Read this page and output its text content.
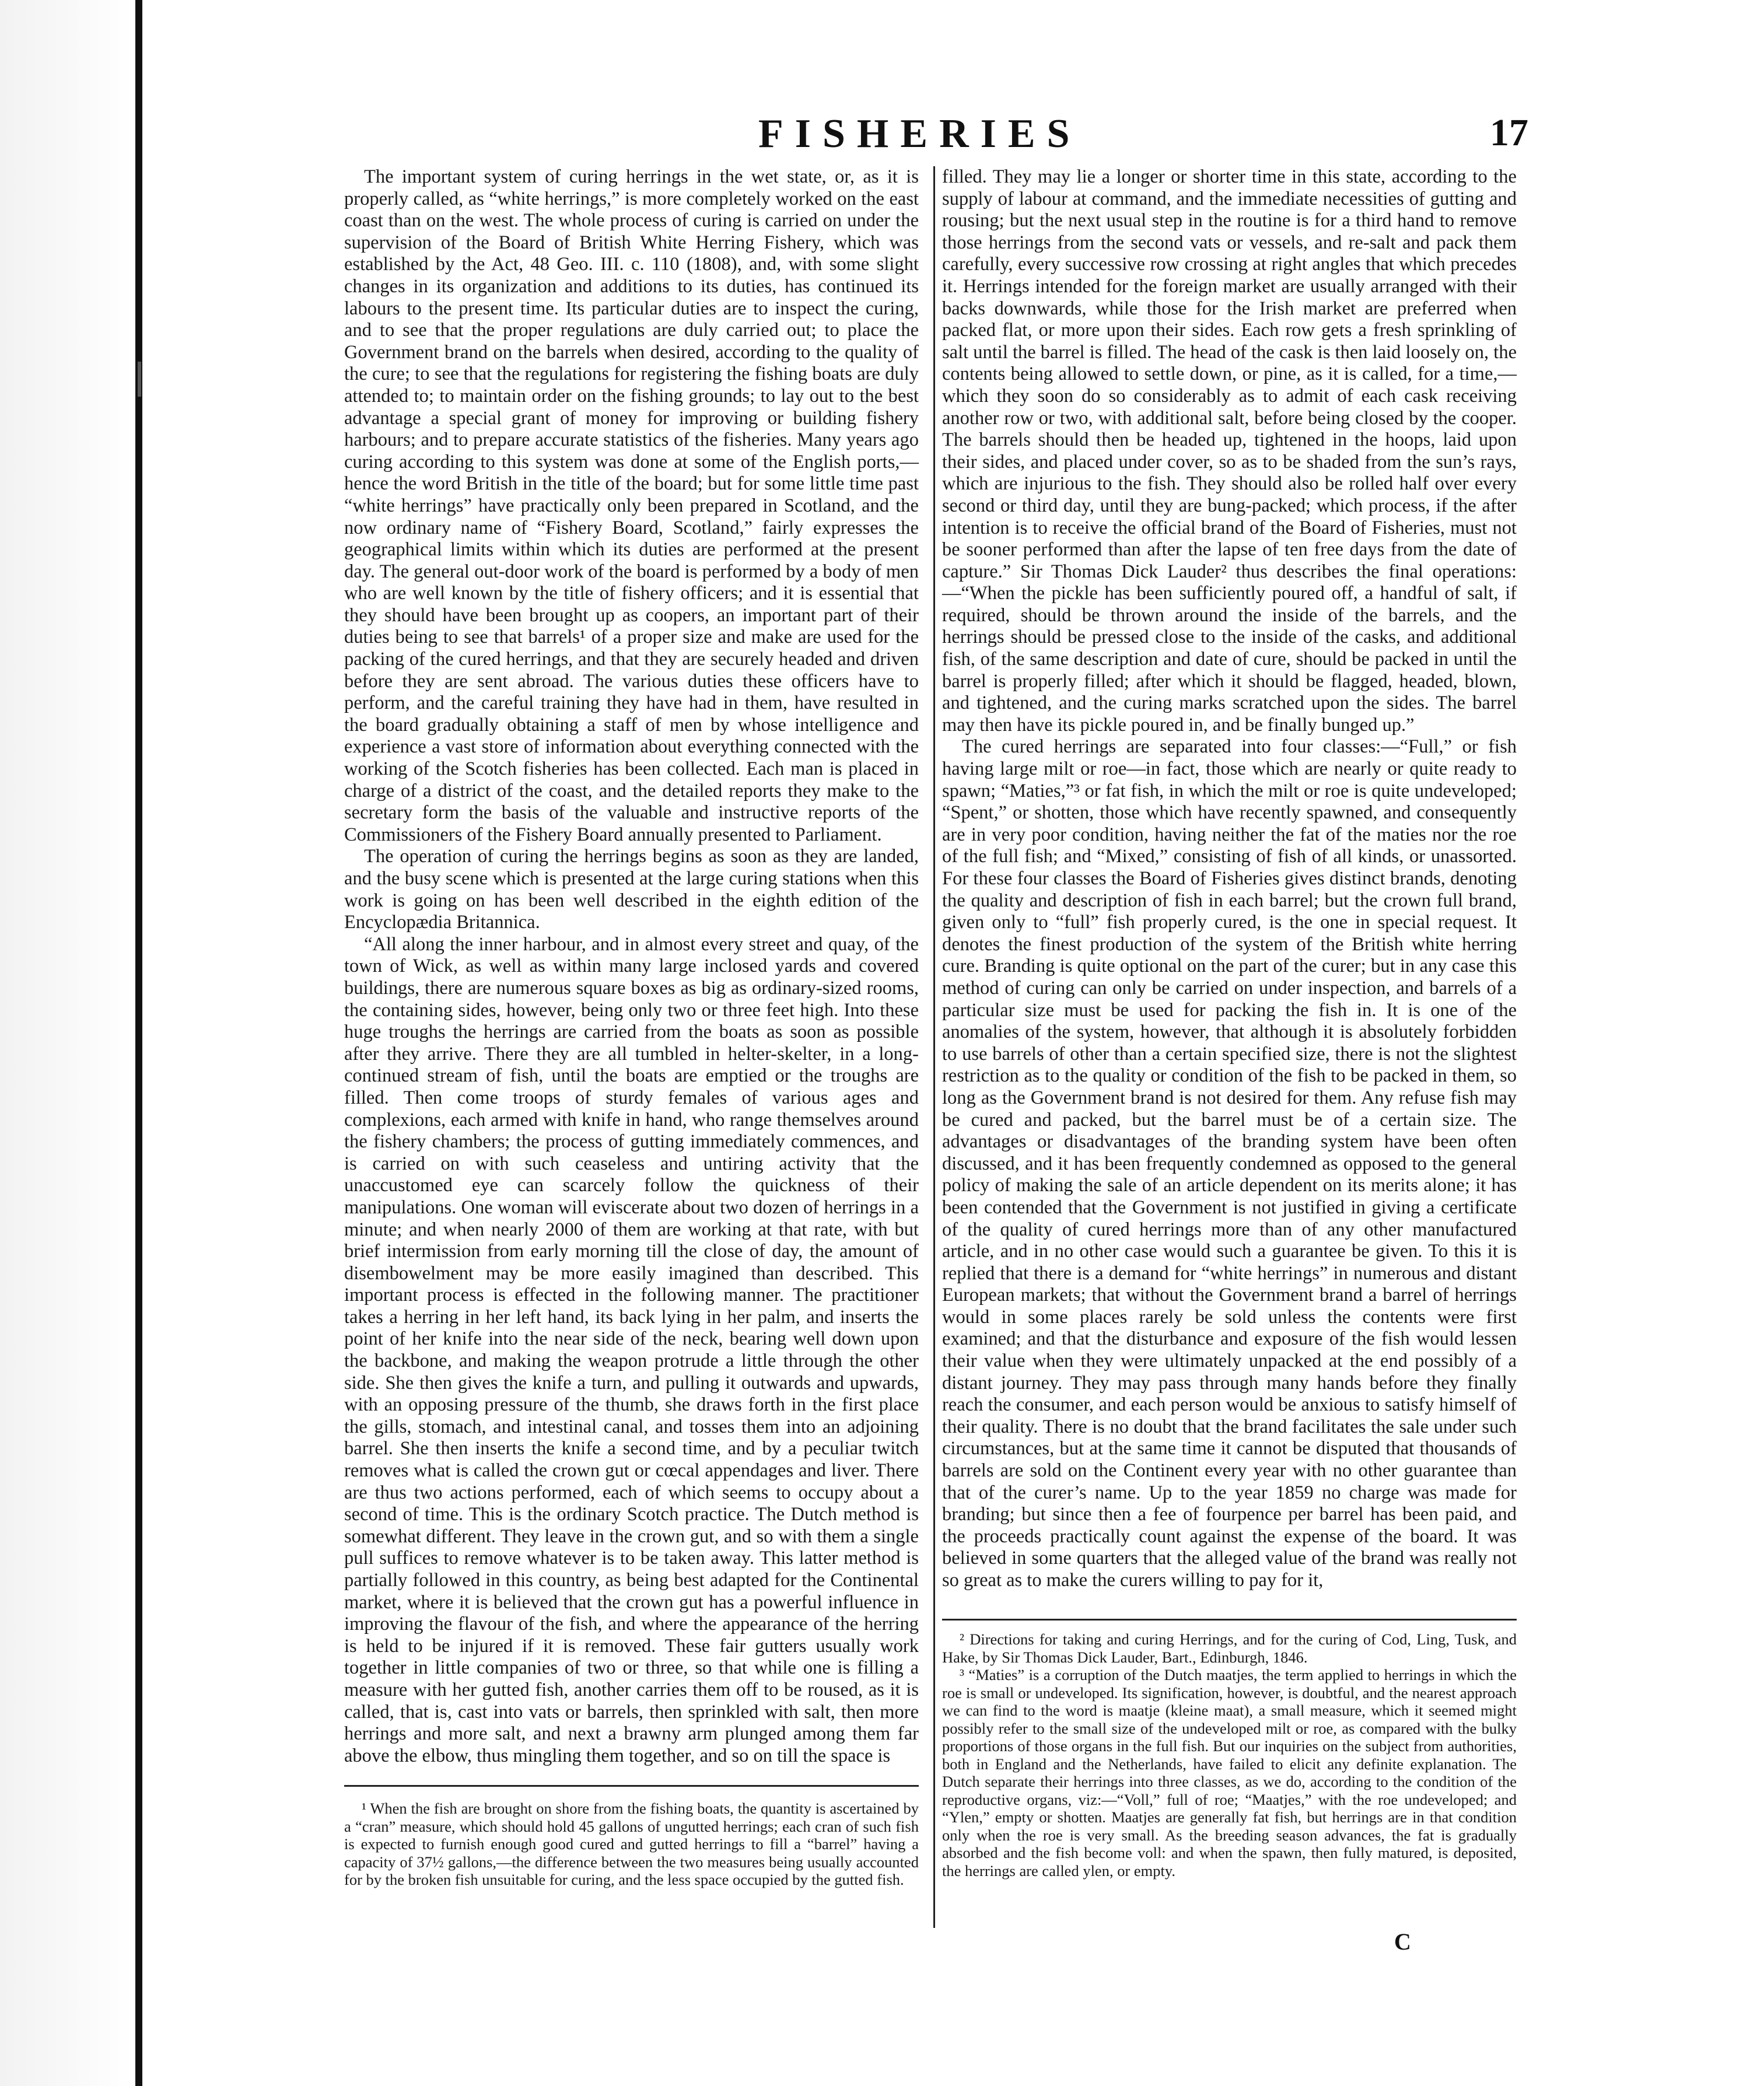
FISHERIES	17

The important system of curing herrings in the wet state, or, as it is properly called, as “white herrings,” is more completely worked on the east coast than on the west. The whole process of curing is carried on under the supervision of the Board of British White Herring Fishery, which was established by the Act, 48 Geo. III. c. 110 (1808), and, with some slight changes in its organization and additions to its duties, has continued its labours to the present time. Its particular duties are to inspect the curing, and to see that the proper regulations are duly carried out; to place the Government brand on the barrels when desired, according to the quality of the cure; to see that the regulations for registering the fishing boats are duly attended to; to maintain order on the fishing grounds; to lay out to the best advantage a special grant of money for improving or building fishery harbours; and to prepare accurate statistics of the fisheries. Many years ago curing according to this system was done at some of the English ports,—hence the word British in the title of the board; but for some little time past “white herrings” have practically only been prepared in Scotland, and the now ordinary name of “Fishery Board, Scotland,” fairly expresses the geographical limits within which its duties are performed at the present day. The general out-door work of the board is performed by a body of men who are well known by the title of fishery officers; and it is essential that they should have been brought up as coopers, an important part of their duties being to see that barrels¹ of a proper size and make are used for the packing of the cured herrings, and that they are securely headed and driven before they are sent abroad. The various duties these officers have to perform, and the careful training they have had in them, have resulted in the board gradually obtaining a staff of men by whose intelligence and experience a vast store of information about everything connected with the working of the Scotch fisheries has been collected. Each man is placed in charge of a district of the coast, and the detailed reports they make to the secretary form the basis of the valuable and instructive reports of the Commissioners of the Fishery Board annually presented to Parliament.

The operation of curing the herrings begins as soon as they are landed, and the busy scene which is presented at the large curing stations when this work is going on has been well described in the eighth edition of the Encyclopædia Britannica.

“All along the inner harbour, and in almost every street and quay, of the town of Wick, as well as within many large inclosed yards and covered buildings, there are numerous square boxes as big as ordinary-sized rooms, the containing sides, however, being only two or three feet high. Into these huge troughs the herrings are carried from the boats as soon as possible after they arrive. There they are all tumbled in helter-skelter, in a long-continued stream of fish, until the boats are emptied or the troughs are filled. Then come troops of sturdy females of various ages and complexions, each armed with knife in hand, who range themselves around the fishery chambers; the process of gutting immediately commences, and is carried on with such ceaseless and untiring activity that the unaccustomed eye can scarcely follow the quickness of their manipulations. One woman will eviscerate about two dozen of herrings in a minute; and when nearly 2000 of them are working at that rate, with but brief intermission from early morning till the close of day, the amount of disembowelment may be more easily imagined than described. This important process is effected in the following manner. The practitioner takes a herring in her left hand, its back lying in her palm, and inserts the point of her knife into the near side of the neck, bearing well down upon the backbone, and making the weapon protrude a little through the other side. She then gives the knife a turn, and pulling it outwards and upwards, with an opposing pressure of the thumb, she draws forth in the first place the gills, stomach, and intestinal canal, and tosses them into an adjoining barrel. She then inserts the knife a second time, and by a peculiar twitch removes what is called the crown gut or cœcal appendages and liver. There are thus two actions performed, each of which seems to occupy about a second of time. This is the ordinary Scotch practice. The Dutch method is somewhat different. They leave in the crown gut, and so with them a single pull suffices to remove whatever is to be taken away. This latter method is partially followed in this country, as being best adapted for the Continental market, where it is believed that the crown gut has a powerful influence in improving the flavour of the fish, and where the appearance of the herring is held to be injured if it is removed. These fair gutters usually work together in little companies of two or three, so that while one is filling a measure with her gutted fish, another carries them off to be roused, as it is called, that is, cast into vats or barrels, then sprinkled with salt, then more herrings and more salt, and next a brawny arm plunged among them far above the elbow, thus mingling them together, and so on till the space is

filled. They may lie a longer or shorter time in this state, according to the supply of labour at command, and the immediate necessities of gutting and rousing; but the next usual step in the routine is for a third hand to remove those herrings from the second vats or vessels, and re-salt and pack them carefully, every successive row crossing at right angles that which precedes it. Herrings intended for the foreign market are usually arranged with their backs downwards, while those for the Irish market are preferred when packed flat, or more upon their sides. Each row gets a fresh sprinkling of salt until the barrel is filled. The head of the cask is then laid loosely on, the contents being allowed to settle down, or pine, as it is called, for a time,—which they soon do so considerably as to admit of each cask receiving another row or two, with additional salt, before being closed by the cooper. The barrels should then be headed up, tightened in the hoops, laid upon their sides, and placed under cover, so as to be shaded from the sun’s rays, which are injurious to the fish. They should also be rolled half over every second or third day, until they are bung-packed; which process, if the after intention is to receive the official brand of the Board of Fisheries, must not be sooner performed than after the lapse of ten free days from the date of capture.” Sir Thomas Dick Lauder² thus describes the final operations:—“When the pickle has been sufficiently poured off, a handful of salt, if required, should be thrown around the inside of the barrels, and the herrings should be pressed close to the inside of the casks, and additional fish, of the same description and date of cure, should be packed in until the barrel is properly filled; after which it should be flagged, headed, blown, and tightened, and the curing marks scratched upon the sides. The barrel may then have its pickle poured in, and be finally bunged up.”

The cured herrings are separated into four classes:—“Full,” or fish having large milt or roe—in fact, those which are nearly or quite ready to spawn; “Maties,”³ or fat fish, in which the milt or roe is quite undeveloped; “Spent,” or shotten, those which have recently spawned, and consequently are in very poor condition, having neither the fat of the maties nor the roe of the full fish; and “Mixed,” consisting of fish of all kinds, or unassorted. For these four classes the Board of Fisheries gives distinct brands, denoting the quality and description of fish in each barrel; but the crown full brand, given only to “full” fish properly cured, is the one in special request. It denotes the finest production of the system of the British white herring cure. Branding is quite optional on the part of the curer; but in any case this method of curing can only be carried on under inspection, and barrels of a particular size must be used for packing the fish in. It is one of the anomalies of the system, however, that although it is absolutely forbidden to use barrels of other than a certain specified size, there is not the slightest restriction as to the quality or condition of the fish to be packed in them, so long as the Government brand is not desired for them. Any refuse fish may be cured and packed, but the barrel must be of a certain size. The advantages or disadvantages of the branding system have been often discussed, and it has been frequently condemned as opposed to the general policy of making the sale of an article dependent on its merits alone; it has been contended that the Government is not justified in giving a certificate of the quality of cured herrings more than of any other manufactured article, and in no other case would such a guarantee be given. To this it is replied that there is a demand for “white herrings” in numerous and distant European markets; that without the Government brand a barrel of herrings would in some places rarely be sold unless the contents were first examined; and that the disturbance and exposure of the fish would lessen their value when they were ultimately unpacked at the end possibly of a distant journey. They may pass through many hands before they finally reach the consumer, and each person would be anxious to satisfy himself of their quality. There is no doubt that the brand facilitates the sale under such circumstances, but at the same time it cannot be disputed that thousands of barrels are sold on the Continent every year with no other guarantee than that of the curer’s name. Up to the year 1859 no charge was made for branding; but since then a fee of fourpence per barrel has been paid, and the proceeds practically count against the expense of the board. It was believed in some quarters that the alleged value of the brand was really not so great as to make the curers willing to pay for it,

¹ When the fish are brought on shore from the fishing boats, the quantity is ascertained by a “cran” measure, which should hold 45 gallons of ungutted herrings; each cran of such fish is expected to furnish enough good cured and gutted herrings to fill a “barrel” having a capacity of 37½ gallons,—the difference between the two measures being usually accounted for by the broken fish unsuitable for curing, and the less space occupied by the gutted fish.

² Directions for taking and curing Herrings, and for the curing of Cod, Ling, Tusk, and Hake, by Sir Thomas Dick Lauder, Bart., Edinburgh, 1846.

³ “Maties” is a corruption of the Dutch maatjes, the term applied to herrings in which the roe is small or undeveloped. Its signification, however, is doubtful, and the nearest approach we can find to the word is maatje (kleine maat), a small measure, which it seemed might possibly refer to the small size of the undeveloped milt or roe, as compared with the bulky proportions of those organs in the full fish. But our inquiries on the subject from authorities, both in England and the Netherlands, have failed to elicit any definite explanation. The Dutch separate their herrings into three classes, as we do, according to the condition of the reproductive organs, viz:—“Voll,” full of roe; “Maatjes,” with the roe undeveloped; and “Ylen,” empty or shotten. Maatjes are generally fat fish, but herrings are in that condition only when the roe is very small. As the breeding season advances, the fat is gradually absorbed and the fish become voll: and when the spawn, then fully matured, is deposited, the herrings are called ylen, or empty.

C
